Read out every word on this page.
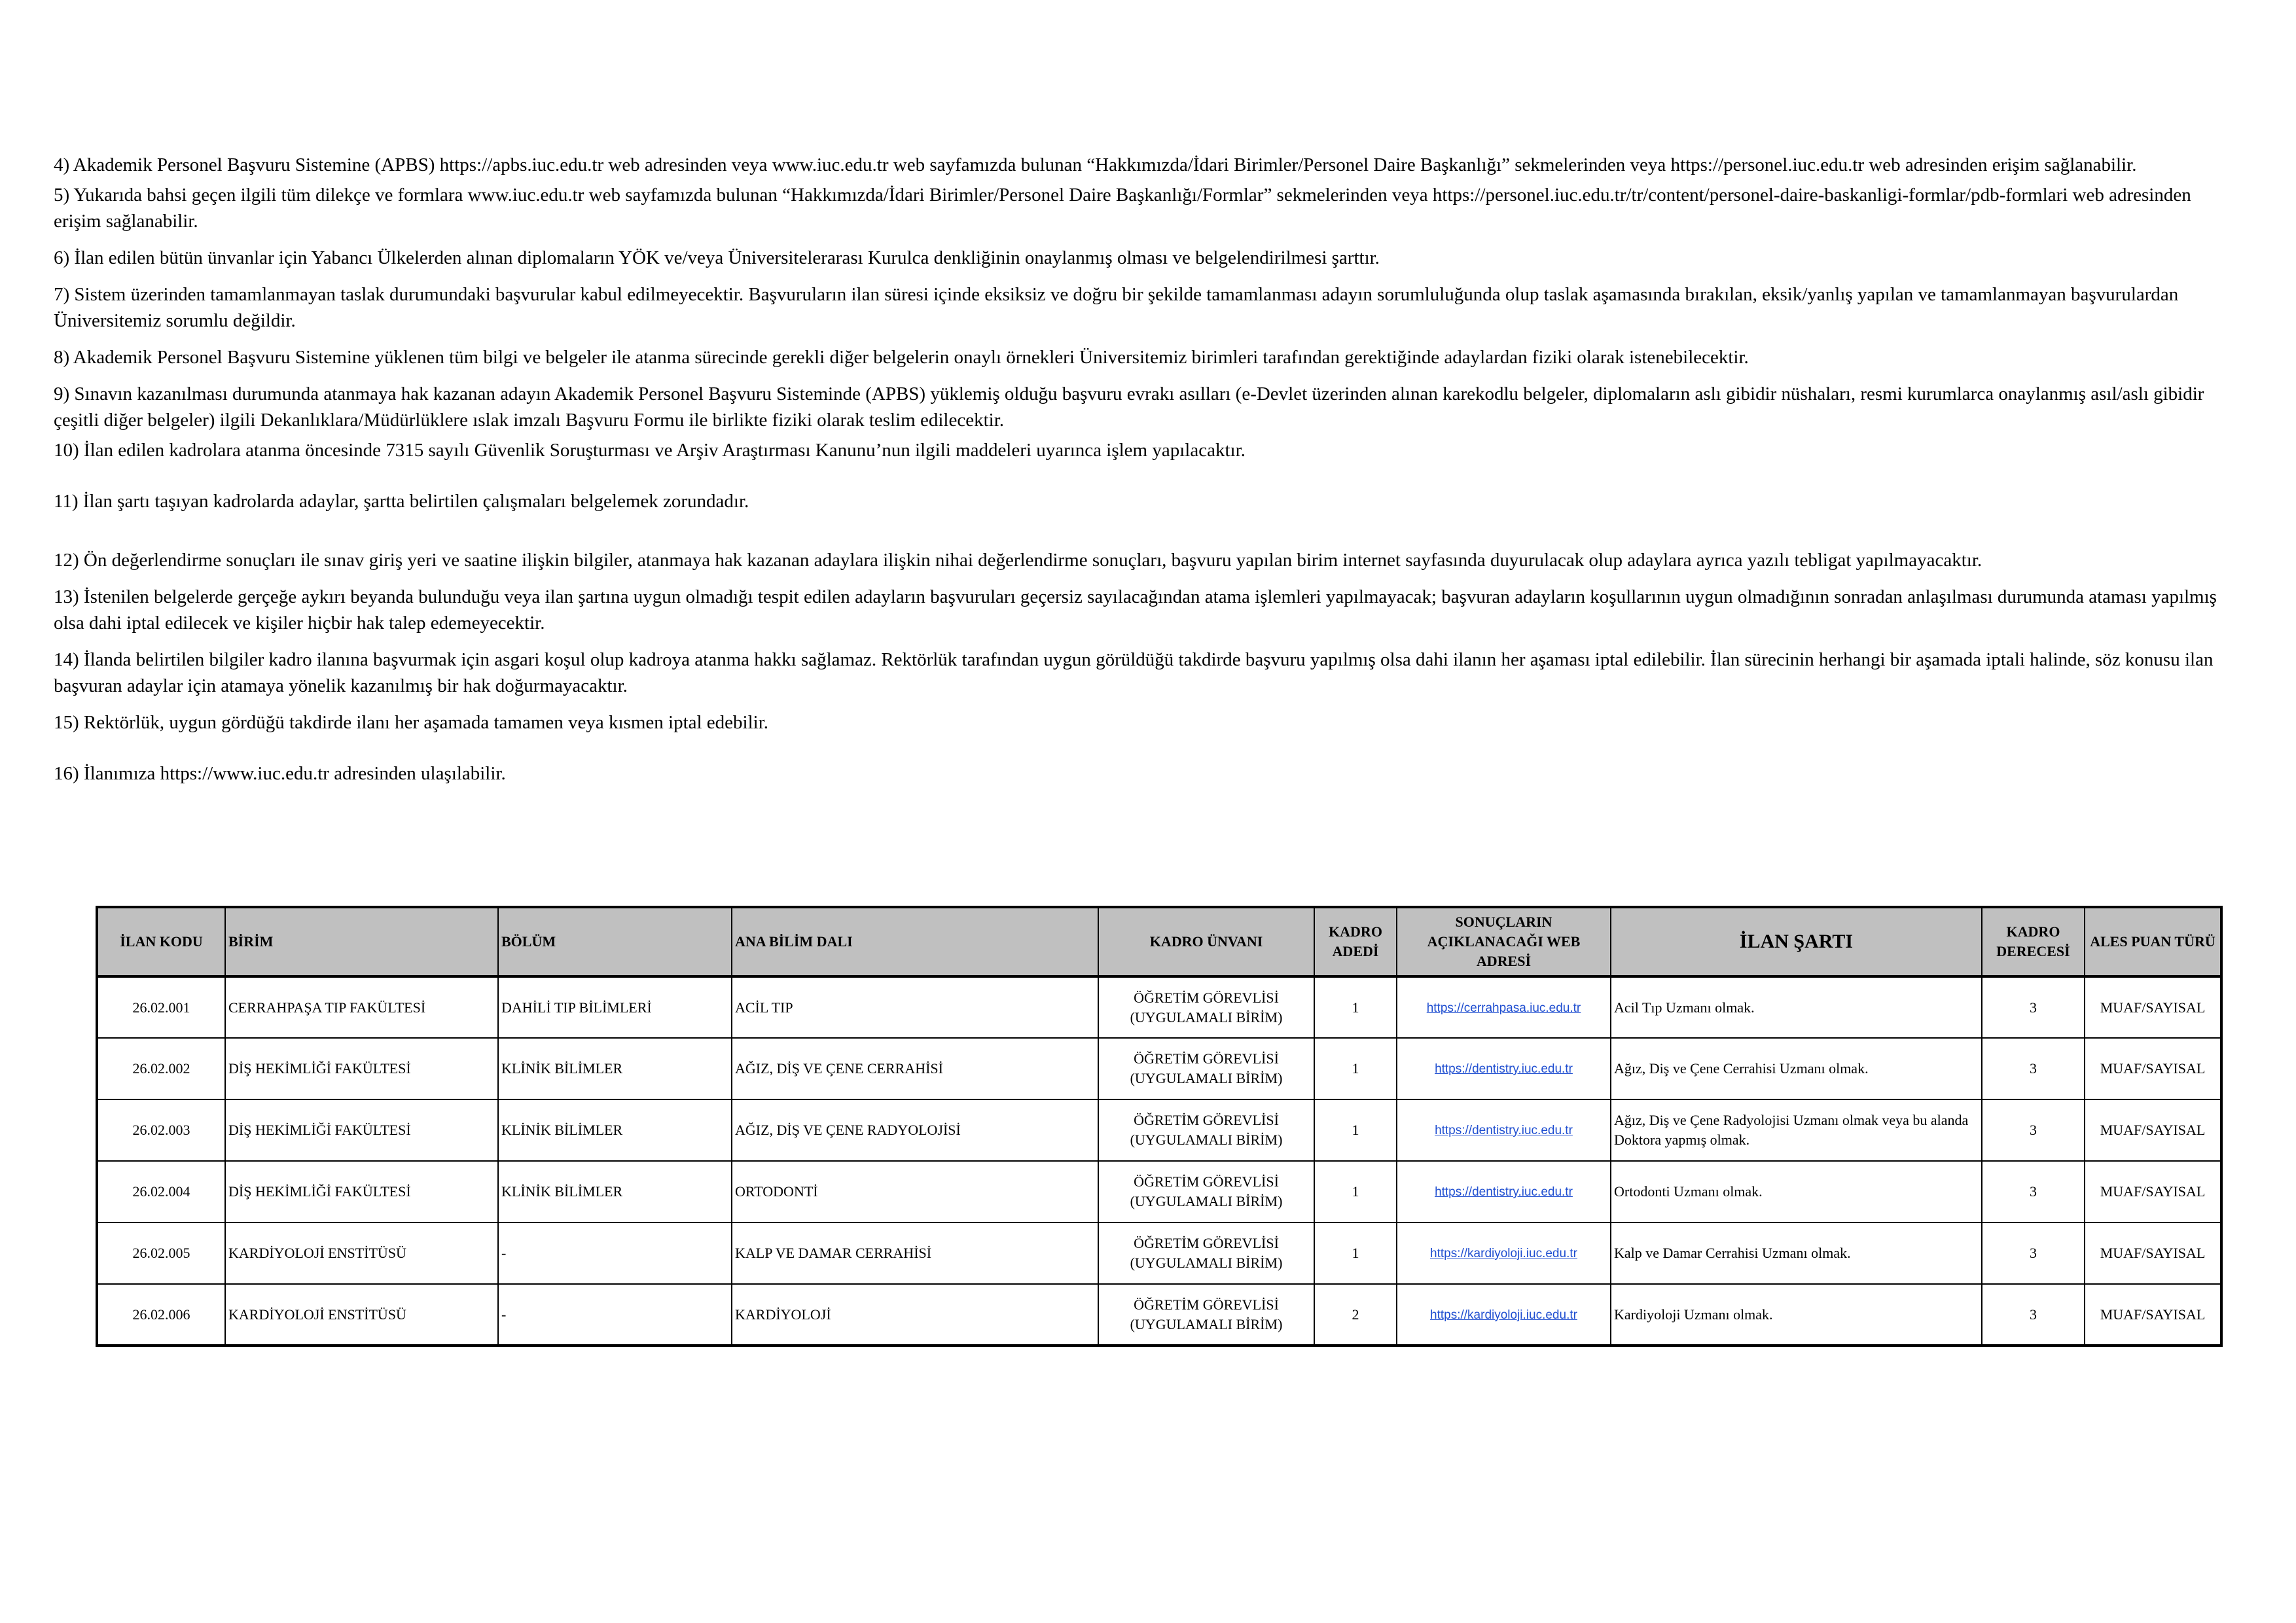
4) Akademik Personel Başvuru Sistemine (APBS) https://apbs.iuc.edu.tr web adresinden veya www.iuc.edu.tr web sayfamızda bulunan “Hakkımızda/İdari Birimler/Personel Daire Başkanlığı” sekmelerinden veya https://personel.iuc.edu.tr web adresinden erişim sağlanabilir.

5) Yukarıda bahsi geçen ilgili tüm dilekçe ve formlara www.iuc.edu.tr web sayfamızda bulunan “Hakkımızda/İdari Birimler/Personel Daire Başkanlığı/Formlar” sekmelerinden veya https://personel.iuc.edu.tr/tr/content/personel-daire-baskanligi-formlar/pdb-formlari web adresinden erişim sağlanabilir.

6) İlan edilen bütün ünvanlar için Yabancı Ülkelerden alınan diplomaların YÖK ve/veya Üniversitelerarası Kurulca denkliğinin onaylanmış olması ve belgelendirilmesi şarttır.

7) Sistem üzerinden tamamlanmayan taslak durumundaki başvurular kabul edilmeyecektir. Başvuruların ilan süresi içinde eksiksiz ve doğru bir şekilde tamamlanması adayın sorumluluğunda olup taslak aşamasında bırakılan, eksik/yanlış yapılan ve tamamlanmayan başvurulardan Üniversitemiz sorumlu değildir.

8) Akademik Personel Başvuru Sistemine yüklenen tüm bilgi ve belgeler ile atanma sürecinde gerekli diğer belgelerin onaylı örnekleri Üniversitemiz birimleri tarafından gerektiğinde adaylardan fiziki olarak istenebilecektir.

9) Sınavın kazanılması durumunda atanmaya hak kazanan adayın Akademik Personel Başvuru Sisteminde (APBS) yüklemiş olduğu başvuru evrakı asılları (e-Devlet üzerinden alınan karekodlu belgeler, diplomaların aslı gibidir nüshaları, resmi kurumlarca onaylanmış asıl/aslı gibidir çeşitli diğer belgeler) ilgili Dekanlıklara/Müdürlüklere ıslak imzalı Başvuru Formu ile birlikte fiziki olarak teslim edilecektir.

10) İlan edilen kadrolara atanma öncesinde 7315 sayılı Güvenlik Soruşturması ve Arşiv Araştırması Kanunu’nun ilgili maddeleri uyarınca işlem yapılacaktır.

11) İlan şartı taşıyan kadrolarda adaylar, şartta belirtilen çalışmaları belgelemek zorundadır.

12) Ön değerlendirme sonuçları ile sınav giriş yeri ve saatine ilişkin bilgiler, atanmaya hak kazanan adaylara ilişkin nihai değerlendirme sonuçları, başvuru yapılan birim internet sayfasında duyurulacak olup adaylara ayrıca yazılı tebligat yapılmayacaktır.

13) İstenilen belgelerde gerçeğe aykırı beyanda bulunduğu veya ilan şartına uygun olmadığı tespit edilen adayların başvuruları geçersiz sayılacağından atama işlemleri yapılmayacak; başvuran adayların koşullarının uygun olmadığının sonradan anlaşılması durumunda ataması yapılmış olsa dahi iptal edilecek ve kişiler hiçbir hak talep edemeyecektir.

14) İlanda belirtilen bilgiler kadro ilanına başvurmak için asgari koşul olup kadroya atanma hakkı sağlamaz. Rektörlük tarafından uygun görüldüğü takdirde başvuru yapılmış olsa dahi ilanın her aşaması iptal edilebilir. İlan sürecinin herhangi bir aşamada iptali halinde, söz konusu ilan başvuran adaylar için atamaya yönelik kazanılmış bir hak doğurmayacaktır.

15) Rektörlük, uygun gördüğü takdirde ilanı her aşamada tamamen veya kısmen iptal edebilir.

16) İlanımıza https://www.iuc.edu.tr adresinden ulaşılabilir.

İLAN KODU	BİRİM	BÖLÜM	ANA BİLİM DALI	KADRO ÜNVANI	KADRO ADEDİ	SONUÇLARIN AÇIKLANACAĞI WEB ADRESİ	İLAN ŞARTI	KADRO DERECESİ	ALES PUAN TÜRÜ
26.02.001	CERRAHPAŞA TIP FAKÜLTESİ	DAHİLİ TIP BİLİMLERİ	ACİL TIP	ÖĞRETİM GÖREVLİSİ (UYGULAMALI BİRİM)	1	https://cerrahpasa.iuc.edu.tr	Acil Tıp Uzmanı olmak.	3	MUAF/SAYISAL
26.02.002	DİŞ HEKİMLİĞİ FAKÜLTESİ	KLİNİK BİLİMLER	AĞIZ, DİŞ VE ÇENE CERRAHİSİ	ÖĞRETİM GÖREVLİSİ (UYGULAMALI BİRİM)	1	https://dentistry.iuc.edu.tr	Ağız, Diş ve Çene Cerrahisi Uzmanı olmak.	3	MUAF/SAYISAL
26.02.003	DİŞ HEKİMLİĞİ FAKÜLTESİ	KLİNİK BİLİMLER	AĞIZ, DİŞ VE ÇENE RADYOLOJİSİ	ÖĞRETİM GÖREVLİSİ (UYGULAMALI BİRİM)	1	https://dentistry.iuc.edu.tr	Ağız, Diş ve Çene Radyolojisi Uzmanı olmak veya bu alanda Doktora yapmış olmak.	3	MUAF/SAYISAL
26.02.004	DİŞ HEKİMLİĞİ FAKÜLTESİ	KLİNİK BİLİMLER	ORTODONTİ	ÖĞRETİM GÖREVLİSİ (UYGULAMALI BİRİM)	1	https://dentistry.iuc.edu.tr	Ortodonti Uzmanı olmak.	3	MUAF/SAYISAL
26.02.005	KARDİYOLOJİ ENSTİTÜSÜ	-	KALP VE DAMAR CERRAHİSİ	ÖĞRETİM GÖREVLİSİ (UYGULAMALI BİRİM)	1	https://kardiyoloji.iuc.edu.tr	Kalp ve Damar Cerrahisi Uzmanı olmak.	3	MUAF/SAYISAL
26.02.006	KARDİYOLOJİ ENSTİTÜSÜ	-	KARDİYOLOJİ	ÖĞRETİM GÖREVLİSİ (UYGULAMALI BİRİM)	2	https://kardiyoloji.iuc.edu.tr	Kardiyoloji Uzmanı olmak.	3	MUAF/SAYISAL
